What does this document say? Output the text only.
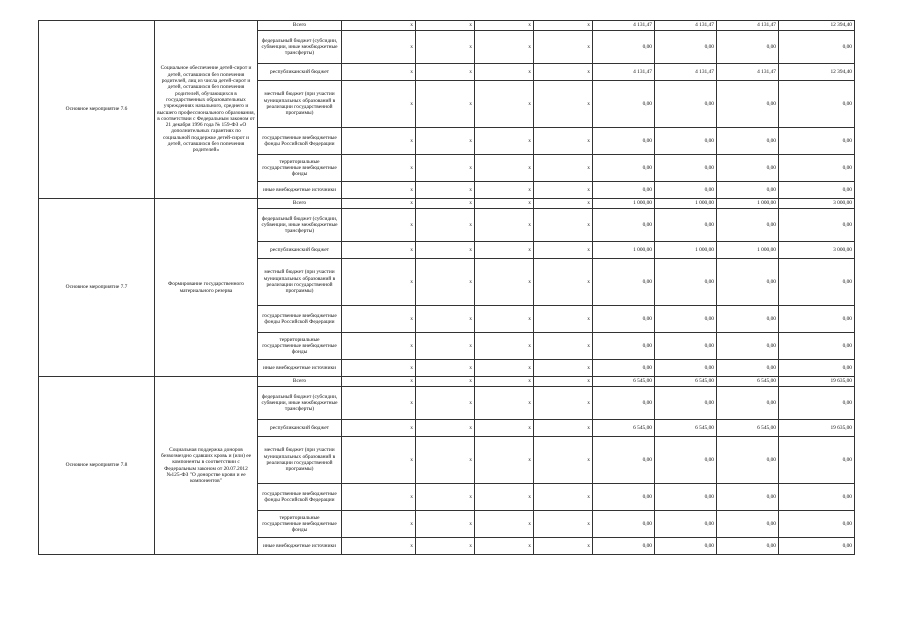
Основное мероприятие 7.6	Социальное обеспечение детей-сирот и детей, оставшихся без попечения родителей, лиц из числа детей-сирот и детей, оставшихся без попечения родителей, обучающихся в государственных образовательных учреждениях начального, среднего и высшего профессионального образования, в соответствии с Федеральным законом от 21 декабря 1996 года № 159-ФЗ «О дополнительных гарантиях по социальной поддержке детей-сирот и детей, оставшихся без попечения родителей»	Всего	x	x	x	x	4 131,47	4 131,47	4 131,47	12 394,40
		федеральный бюджет (субсидии, субвенции, иные межбюджетные трансферты)	x	x	x	x	0,00	0,00	0,00	0,00
		республиканский бюджет	x	x	x	x	4 131,47	4 131,47	4 131,47	12 394,40
		местный бюджет (при участии муниципальных образований в реализации государственной программы)	x	x	x	x	0,00	0,00	0,00	0,00
		государственные внебюджетные фонды Российской Федерации	x	x	x	x	0,00	0,00	0,00	0,00
		территориальные государственные внебюджетные фонды	x	x	x	x	0,00	0,00	0,00	0,00
		иные внебюджетные источники	x	x	x	x	0,00	0,00	0,00	0,00
Основное мероприятие 7.7	Формирование государственного материального резерва	Всего	x	x	x	x	1 000,00	1 000,00	1 000,00	3 000,00
		федеральный бюджет (субсидии, субвенции, иные межбюджетные трансферты)	x	x	x	x	0,00	0,00	0,00	0,00
		республиканский бюджет	x	x	x	x	1 000,00	1 000,00	1 000,00	3 000,00
		местный бюджет (при участии муниципальных образований в реализации государственной программы)	x	x	x	x	0,00	0,00	0,00	0,00
		государственные внебюджетные фонды Российской Федерации	x	x	x	x	0,00	0,00	0,00	0,00
		территориальные государственные внебюджетные фонды	x	x	x	x	0,00	0,00	0,00	0,00
		иные внебюджетные источники	x	x	x	x	0,00	0,00	0,00	0,00
Основное мероприятие 7.8	Социальная поддержка доноров безвозмездно сдавших кровь и (или) ее компоненты в соответствии с Федеральным законом от 20.07.2012 №125-ФЗ "О донорстве крови и ее компонентов"	Всего	x	x	x	x	6 545,00	6 545,00	6 545,00	19 635,00
		федеральный бюджет (субсидии, субвенции, иные межбюджетные трансферты)	x	x	x	x	0,00	0,00	0,00	0,00
		республиканский бюджет	x	x	x	x	6 545,00	6 545,00	6 545,00	19 635,00
		местный бюджет (при участии муниципальных образований в реализации государственной программы)	x	x	x	x	0,00	0,00	0,00	0,00
		государственные внебюджетные фонды Российской Федерации	x	x	x	x	0,00	0,00	0,00	0,00
		территориальные государственные внебюджетные фонды	x	x	x	x	0,00	0,00	0,00	0,00
		иные внебюджетные источники	x	x	x	x	0,00	0,00	0,00	0,00
